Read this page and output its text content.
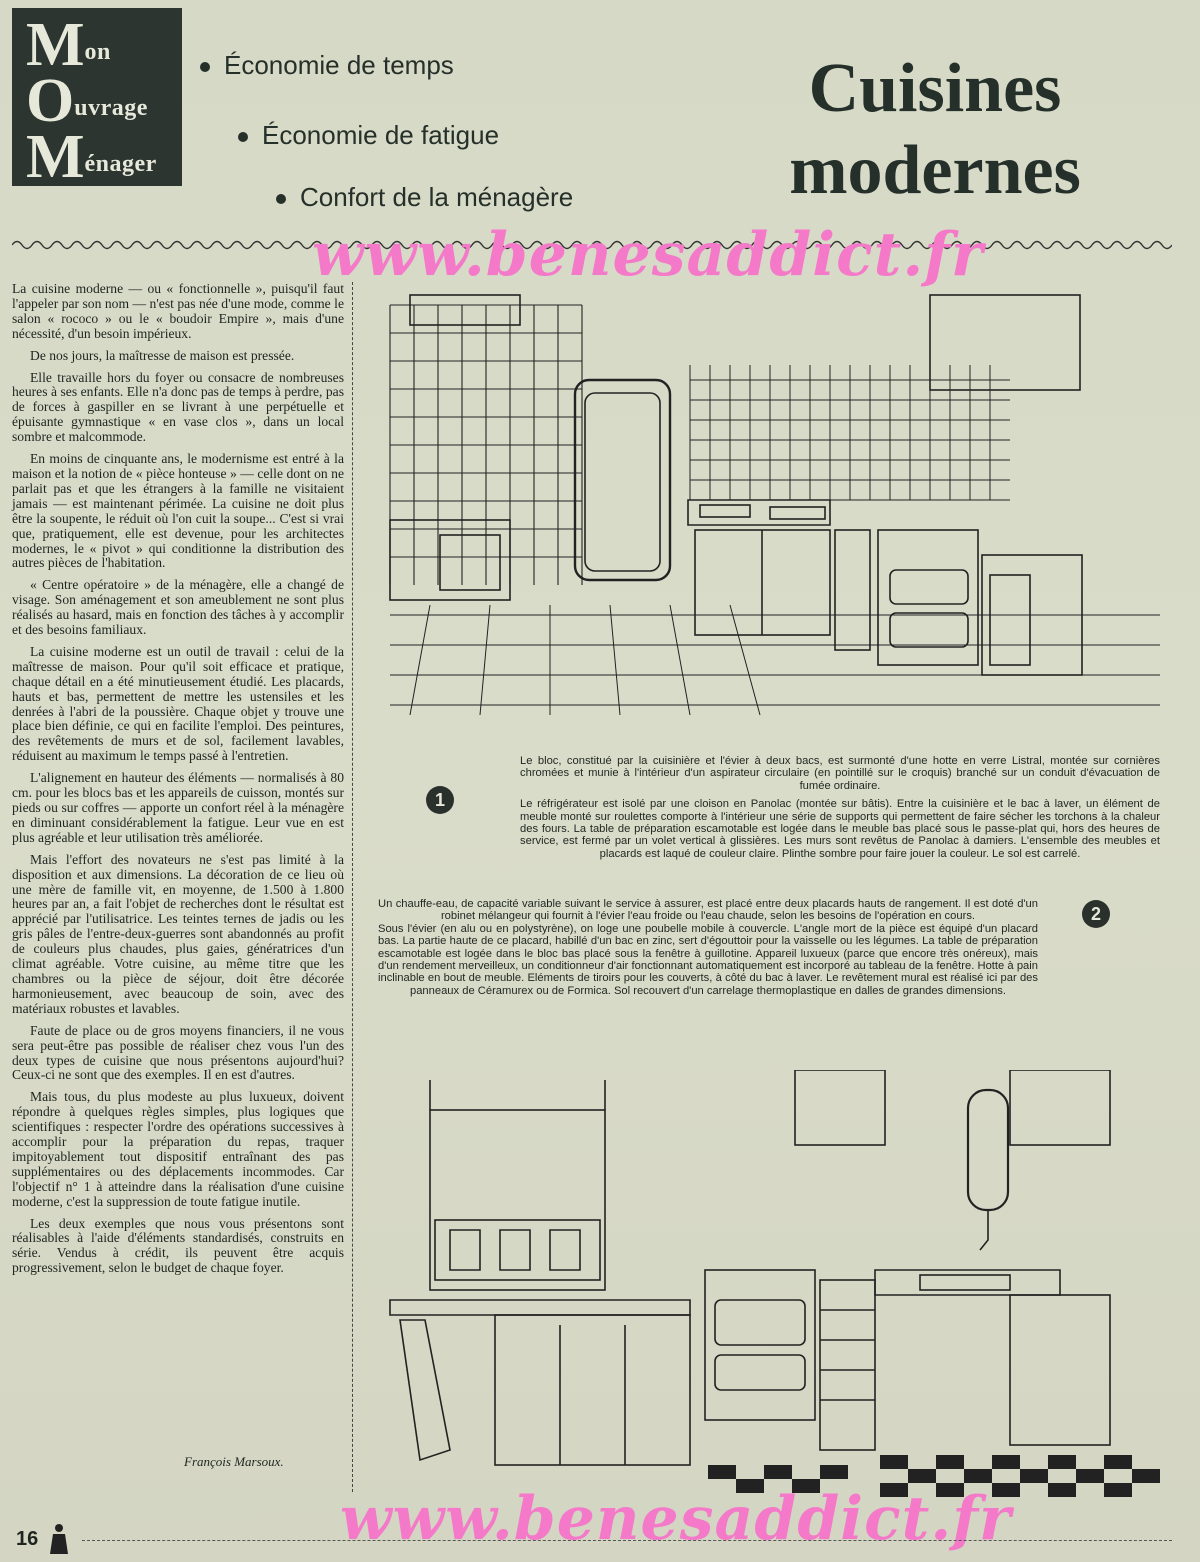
Mon
Ouvrage
Ménager
Économie de temps
Économie de fatigue
Confort de la ménagère
Cuisines
modernes
www.benesaddict.fr

La cuisine moderne — ou « fonctionnelle », puisqu'il faut l'appeler par son nom — n'est pas née d'une mode, comme le salon « rococo » ou le « boudoir Empire », mais d'une nécessité, d'un besoin impérieux.

De nos jours, la maîtresse de maison est pressée.

Elle travaille hors du foyer ou consacre de nombreuses heures à ses enfants. Elle n'a donc pas de temps à perdre, pas de forces à gaspiller en se livrant à une perpétuelle et épuisante gymnastique « en vase clos », dans un local sombre et malcommode.

En moins de cinquante ans, le modernisme est entré à la maison et la notion de « pièce honteuse » — celle dont on ne parlait pas et que les étrangers à la famille ne visitaient jamais — est maintenant périmée. La cuisine ne doit plus être la soupente, le réduit où l'on cuit la soupe... C'est si vrai que, pratiquement, elle est devenue, pour les architectes modernes, le « pivot » qui conditionne la distribution des autres pièces de l'habitation.

« Centre opératoire » de la ménagère, elle a changé de visage. Son aménagement et son ameublement ne sont plus réalisés au hasard, mais en fonction des tâches à y accomplir et des besoins familiaux.

La cuisine moderne est un outil de travail : celui de la maîtresse de maison. Pour qu'il soit efficace et pratique, chaque détail en a été minutieusement étudié. Les placards, hauts et bas, permettent de mettre les ustensiles et les denrées à l'abri de la poussière. Chaque objet y trouve une place bien définie, ce qui en facilite l'emploi. Des peintures, des revêtements de murs et de sol, facilement lavables, réduisent au maximum le temps passé à l'entretien.

L'alignement en hauteur des éléments — normalisés à 80 cm. pour les blocs bas et les appareils de cuisson, montés sur pieds ou sur coffres — apporte un confort réel à la ménagère en diminuant considérablement la fatigue. Leur vue en est plus agréable et leur utilisation très améliorée.

Mais l'effort des novateurs ne s'est pas limité à la disposition et aux dimensions. La décoration de ce lieu où une mère de famille vit, en moyenne, de 1.500 à 1.800 heures par an, a fait l'objet de recherches dont le résultat est apprécié par l'utilisatrice. Les teintes ternes de jadis ou les gris pâles de l'entre-deux-guerres sont abandonnés au profit de couleurs plus chaudes, plus gaies, génératrices d'un climat agréable. Votre cuisine, au même titre que les chambres ou la pièce de séjour, doit être décorée harmonieusement, avec beaucoup de soin, avec des matériaux robustes et lavables.

Faute de place ou de gros moyens financiers, il ne vous sera peut-être pas possible de réaliser chez vous l'un des deux types de cuisine que nous présentons aujourd'hui? Ceux-ci ne sont que des exemples. Il en est d'autres.

Mais tous, du plus modeste au plus luxueux, doivent répondre à quelques règles simples, plus logiques que scientifiques : respecter l'ordre des opérations successives à accomplir pour la préparation du repas, traquer impitoyablement tout dispositif entraînant des pas supplémentaires ou des déplacements incommodes. Car l'objectif n° 1 à atteindre dans la réalisation d'une cuisine moderne, c'est la suppression de toute fatigue inutile.

Les deux exemples que nous vous présentons sont réalisables à l'aide d'éléments standardisés, construits en série. Vendus à crédit, ils peuvent être acquis progressivement, selon le budget de chaque foyer.

François Marsoux.
1

Le bloc, constitué par la cuisinière et l'évier à deux bacs, est surmonté d'une hotte en verre Listral, montée sur cornières chromées et munie à l'intérieur d'un aspirateur circulaire (en pointillé sur le croquis) branché sur un conduit d'évacuation de fumée ordinaire.

Le réfrigérateur est isolé par une cloison en Panolac (montée sur bâtis). Entre la cuisinière et le bac à laver, un élément de meuble monté sur roulettes comporte à l'intérieur une série de supports qui permettent de faire sécher les torchons à la chaleur des fours. La table de préparation escamotable est logée dans le meuble bas placé sous le passe-plat qui, hors des heures de service, est fermé par un volet vertical à glissières. Les murs sont revêtus de Panolac à damiers. L'ensemble des meubles et placards est laqué de couleur claire. Plinthe sombre pour faire jouer la couleur. Le sol est carrelé.

Un chauffe-eau, de capacité variable suivant le service à assurer, est placé entre deux placards hauts de rangement. Il est doté d'un robinet mélangeur qui fournit à l'évier l'eau froide ou l'eau chaude, selon les besoins de l'opération en cours.

Sous l'évier (en alu ou en polystyrène), on loge une poubelle mobile à couvercle. L'angle mort de la pièce est équipé d'un placard bas. La partie haute de ce placard, habillé d'un bac en zinc, sert d'égouttoir pour la vaisselle ou les légumes. La table de préparation escamotable est logée dans le bloc bas placé sous la fenêtre à guillotine. Appareil luxueux (parce que encore très onéreux), mais d'un rendement merveilleux, un conditionneur d'air fonctionnant automatiquement est incorporé au tableau de la fenêtre. Hotte à pain inclinable en bout de meuble. Eléments de tiroirs pour les couverts, à côté du bac à laver. Le revêtement mural est réalisé ici par des panneaux de Céramurex ou de Formica. Sol recouvert d'un carrelage thermoplastique en dalles de grandes dimensions.

2
www.benesaddict.fr
16
